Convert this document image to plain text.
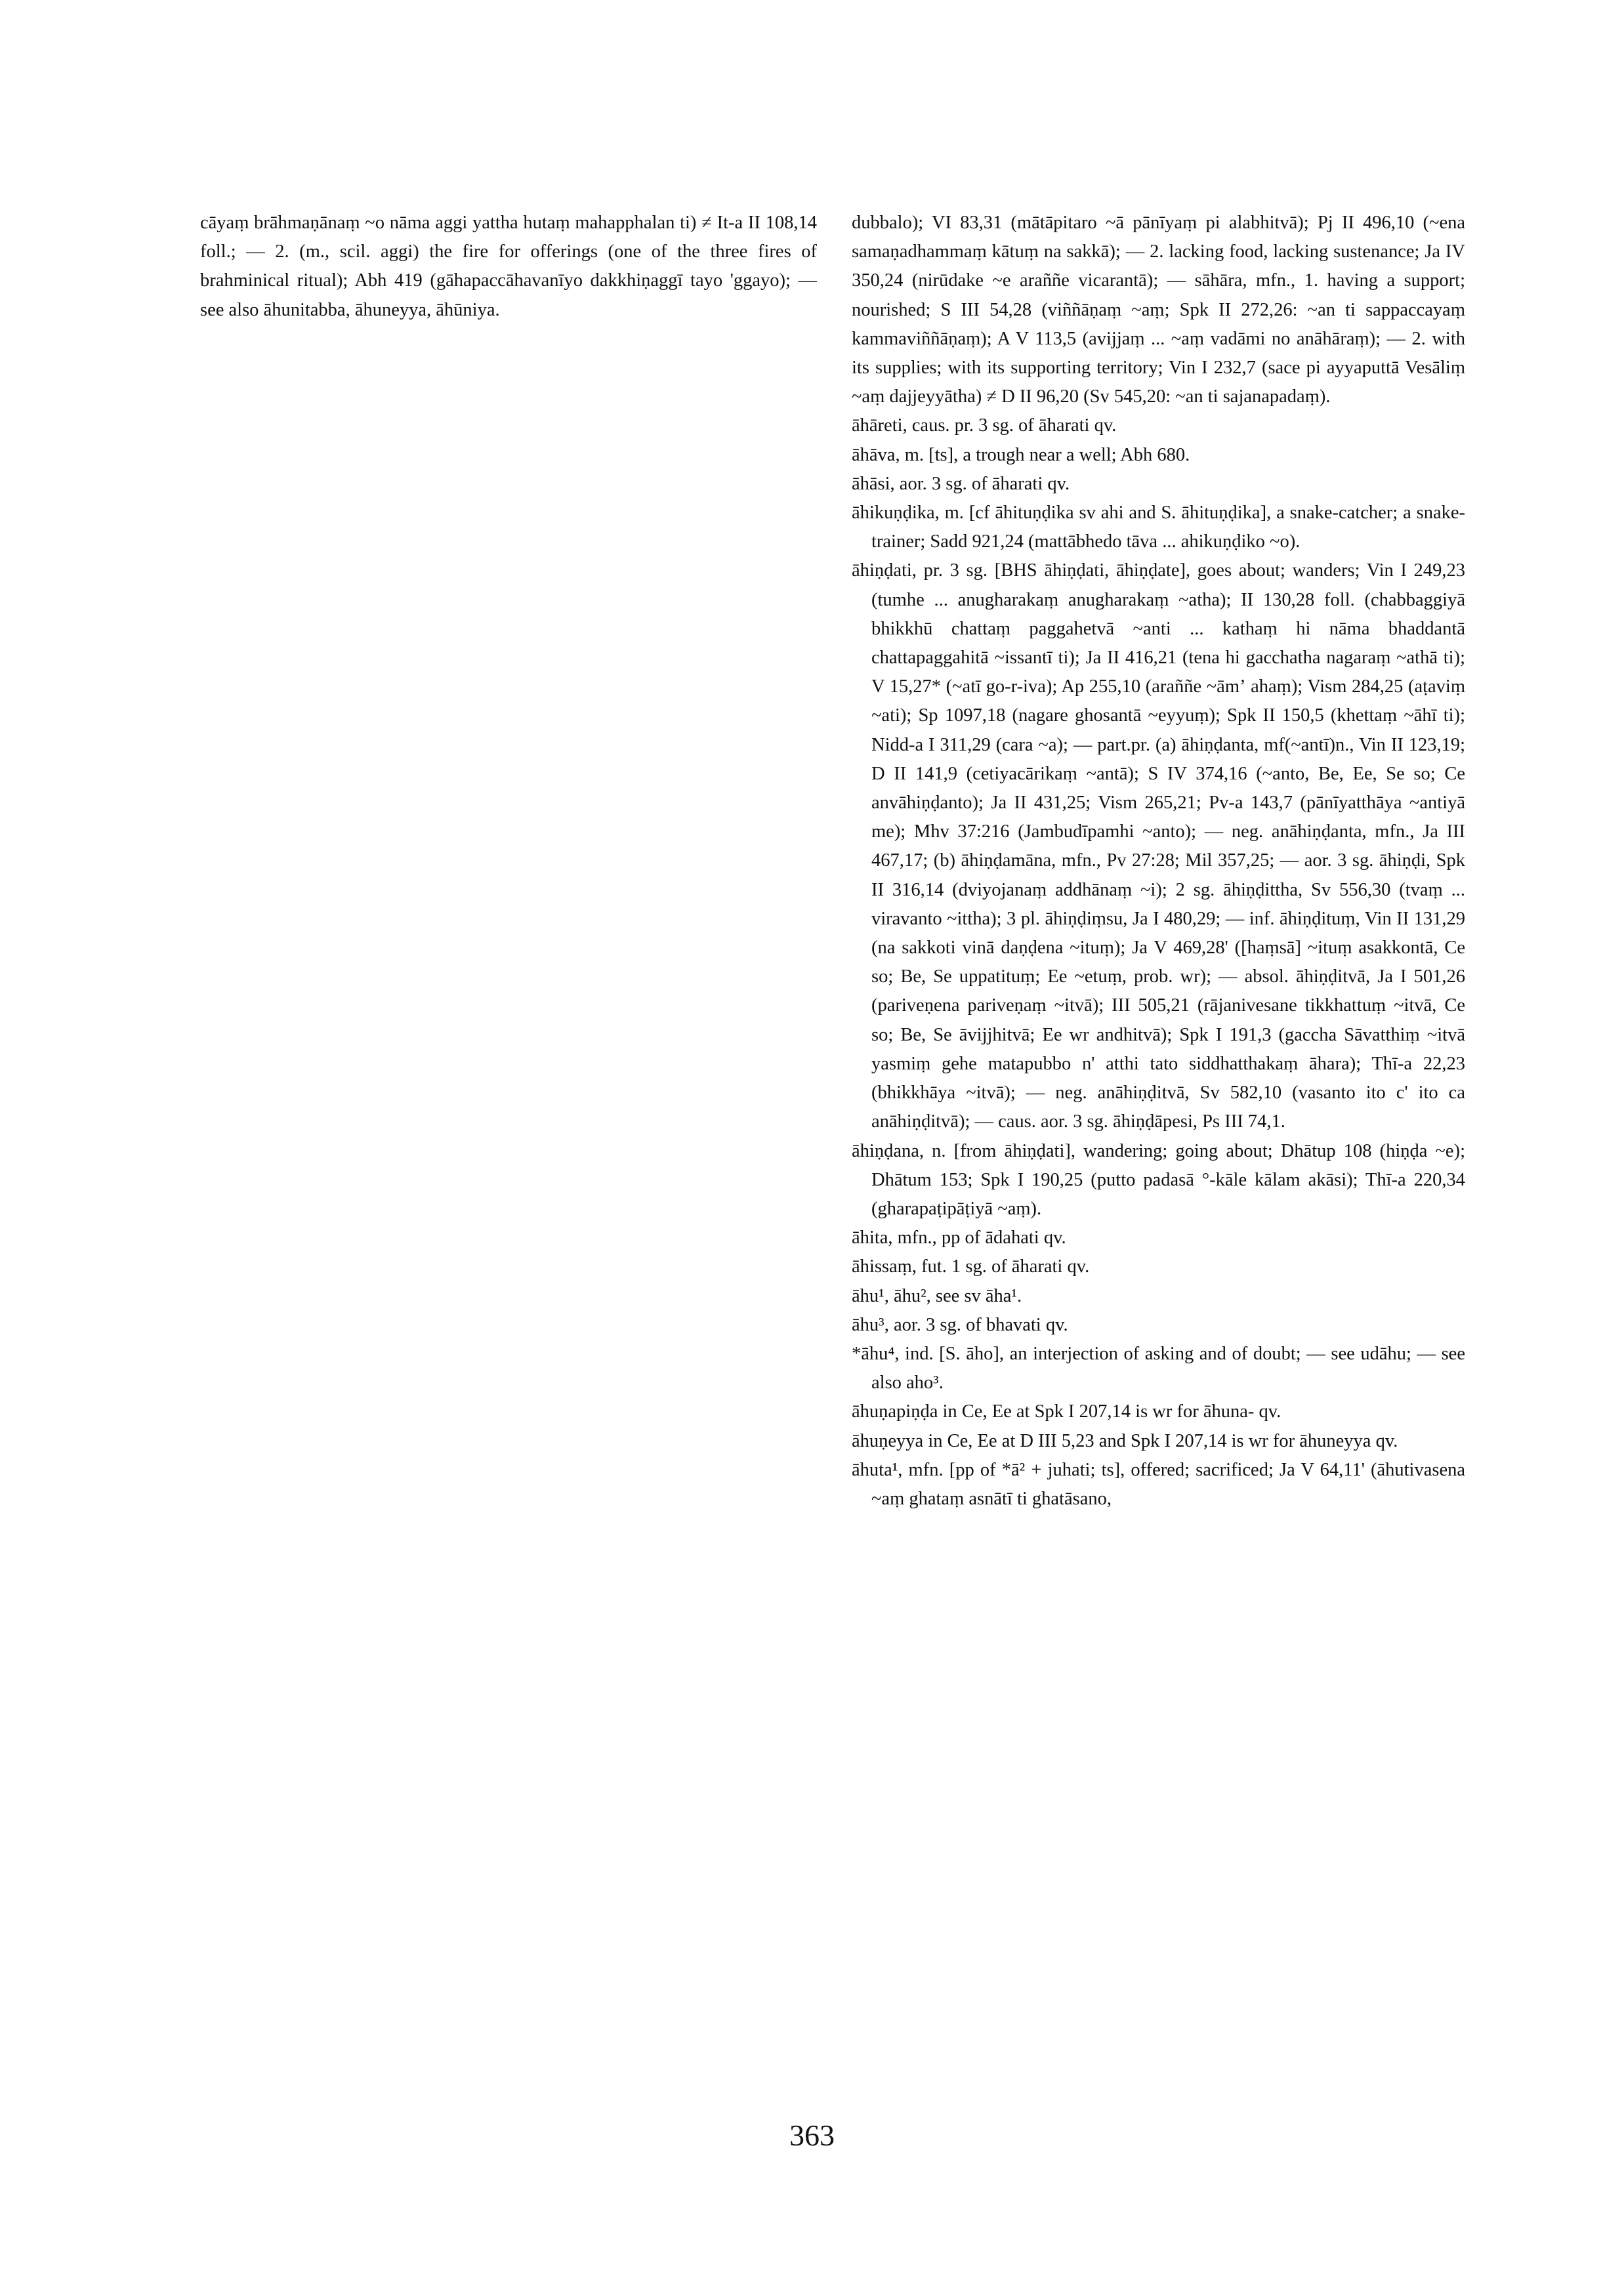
cāyaṃ brāhmaṇānaṃ ~o nāma aggi yattha hutaṃ mahapphalan ti) ≠ It-a II 108,14 foll.; — 2. (m., scil. aggi) the fire for offerings (one of the three fires of brahminical ritual); Abh 419 (gāhapaccāhavanīyo dakkhiṇaggī tayo 'ggayo); — see also āhunitabba, āhuneyya, āhūniya.

dubbalo); VI 83,31 (mātāpitaro ~ā pānīyaṃ pi alabhitvā); Pj II 496,10 (~ena samaṇadhammaṃ kātuṃ na sakkā); — 2. lacking food, lacking sustenance; Ja IV 350,24 (nirūdake ~e araññe vicarantā); — sāhāra, mfn., 1. having a support; nourished; S III 54,28 (viññāṇaṃ ~aṃ; Spk II 272,26: ~an ti sappaccayaṃ kammaviññāṇaṃ); A V 113,5 (avijjaṃ ... ~aṃ vadāmi no anāhāraṃ); — 2. with its supplies; with its supporting territory; Vin I 232,7 (sace pi ayyaputtā Vesāliṃ ~aṃ dajjeyyātha) ≠ D II 96,20 (Sv 545,20: ~an ti sajanapadaṃ).

āhāreti, caus. pr. 3 sg. of āharati qv.

āhāva, m. [ts], a trough near a well; Abh 680.

āhāsi, aor. 3 sg. of āharati qv.

āhikuṇḍika, m. [cf āhituṇḍika sv ahi and S. āhituṇḍika], a snake-catcher; a snake-trainer; Sadd 921,24 (mattābhedo tāva ... ahikuṇḍiko ~o).

āhiṇḍati, pr. 3 sg. [BHS āhiṇḍati, āhiṇḍate], goes about; wanders; Vin I 249,23 (tumhe ... anugharakaṃ anugharakaṃ ~atha); II 130,28 foll. (chabbaggiyā bhikkhū chattaṃ paggahetvā ~anti ... kathaṃ hi nāma bhaddantā chattapaggahitā ~issantī ti); Ja II 416,21 (tena hi gacchatha nagaraṃ ~athā ti); V 15,27* (~atī go-r-iva); Ap 255,10 (araññe ~āmʼ ahaṃ); Vism 284,25 (aṭaviṃ ~ati); Sp 1097,18 (nagare ghosantā ~eyyuṃ); Spk II 150,5 (khettaṃ ~āhī ti); Nidd-a I 311,29 (cara ~a); — part.pr. (a) āhiṇḍanta, mf(~antī)n., Vin II 123,19; D II 141,9 (cetiyacārikaṃ ~antā); S IV 374,16 (~anto, Be, Ee, Se so; Ce anvāhiṇḍanto); Ja II 431,25; Vism 265,21; Pv-a 143,7 (pānīyatthāya ~antiyā me); Mhv 37:216 (Jambudīpamhi ~anto); — neg. anāhiṇḍanta, mfn., Ja III 467,17; (b) āhiṇḍamāna, mfn., Pv 27:28; Mil 357,25; — aor. 3 sg. āhiṇḍi, Spk II 316,14 (dviyojanaṃ addhānaṃ ~i); 2 sg. āhiṇḍittha, Sv 556,30 (tvaṃ ... viravanto ~ittha); 3 pl. āhiṇḍiṃsu, Ja I 480,29; — inf. āhiṇḍituṃ, Vin II 131,29 (na sakkoti vinā daṇḍena ~ituṃ); Ja V 469,28' ([haṃsā] ~ituṃ asakkontā, Ce so; Be, Se uppatituṃ; Ee ~etuṃ, prob. wr); — absol. āhiṇḍitvā, Ja I 501,26 (pariveṇena pariveṇaṃ ~itvā); III 505,21 (rājanivesane tikkhattuṃ ~itvā, Ce so; Be, Se āvijjhitvā; Ee wr andhitvā); Spk I 191,3 (gaccha Sāvatthiṃ ~itvā yasmiṃ gehe matapubbo n' atthi tato siddhatthakaṃ āhara); Thī-a 22,23 (bhikkhāya ~itvā); — neg. anāhiṇḍitvā, Sv 582,10 (vasanto ito c' ito ca anāhiṇḍitvā); — caus. aor. 3 sg. āhiṇḍāpesi, Ps III 74,1.

āhiṇḍana, n. [from āhiṇḍati], wandering; going about; Dhātup 108 (hiṇḍa ~e); Dhātum 153; Spk I 190,25 (putto padasā °-kāle kālam akāsi); Thī-a 220,34 (gharapaṭipāṭiyā ~aṃ).

āhita, mfn., pp of ādahati qv.

āhissaṃ, fut. 1 sg. of āharati qv.

āhu¹, āhu², see sv āha¹.

āhu³, aor. 3 sg. of bhavati qv.

*āhu⁴, ind. [S. āho], an interjection of asking and of doubt; — see udāhu; — see also aho³.

āhuṇapiṇḍa in Ce, Ee at Spk I 207,14 is wr for āhuna- qv.

āhuṇeyya in Ce, Ee at D III 5,23 and Spk I 207,14 is wr for āhuneyya qv.

āhuta¹, mfn. [pp of *ā² + juhati; ts], offered; sacrificed; Ja V 64,11' (āhutivasena ~aṃ ghataṃ asnātī ti ghatāsano,

363
